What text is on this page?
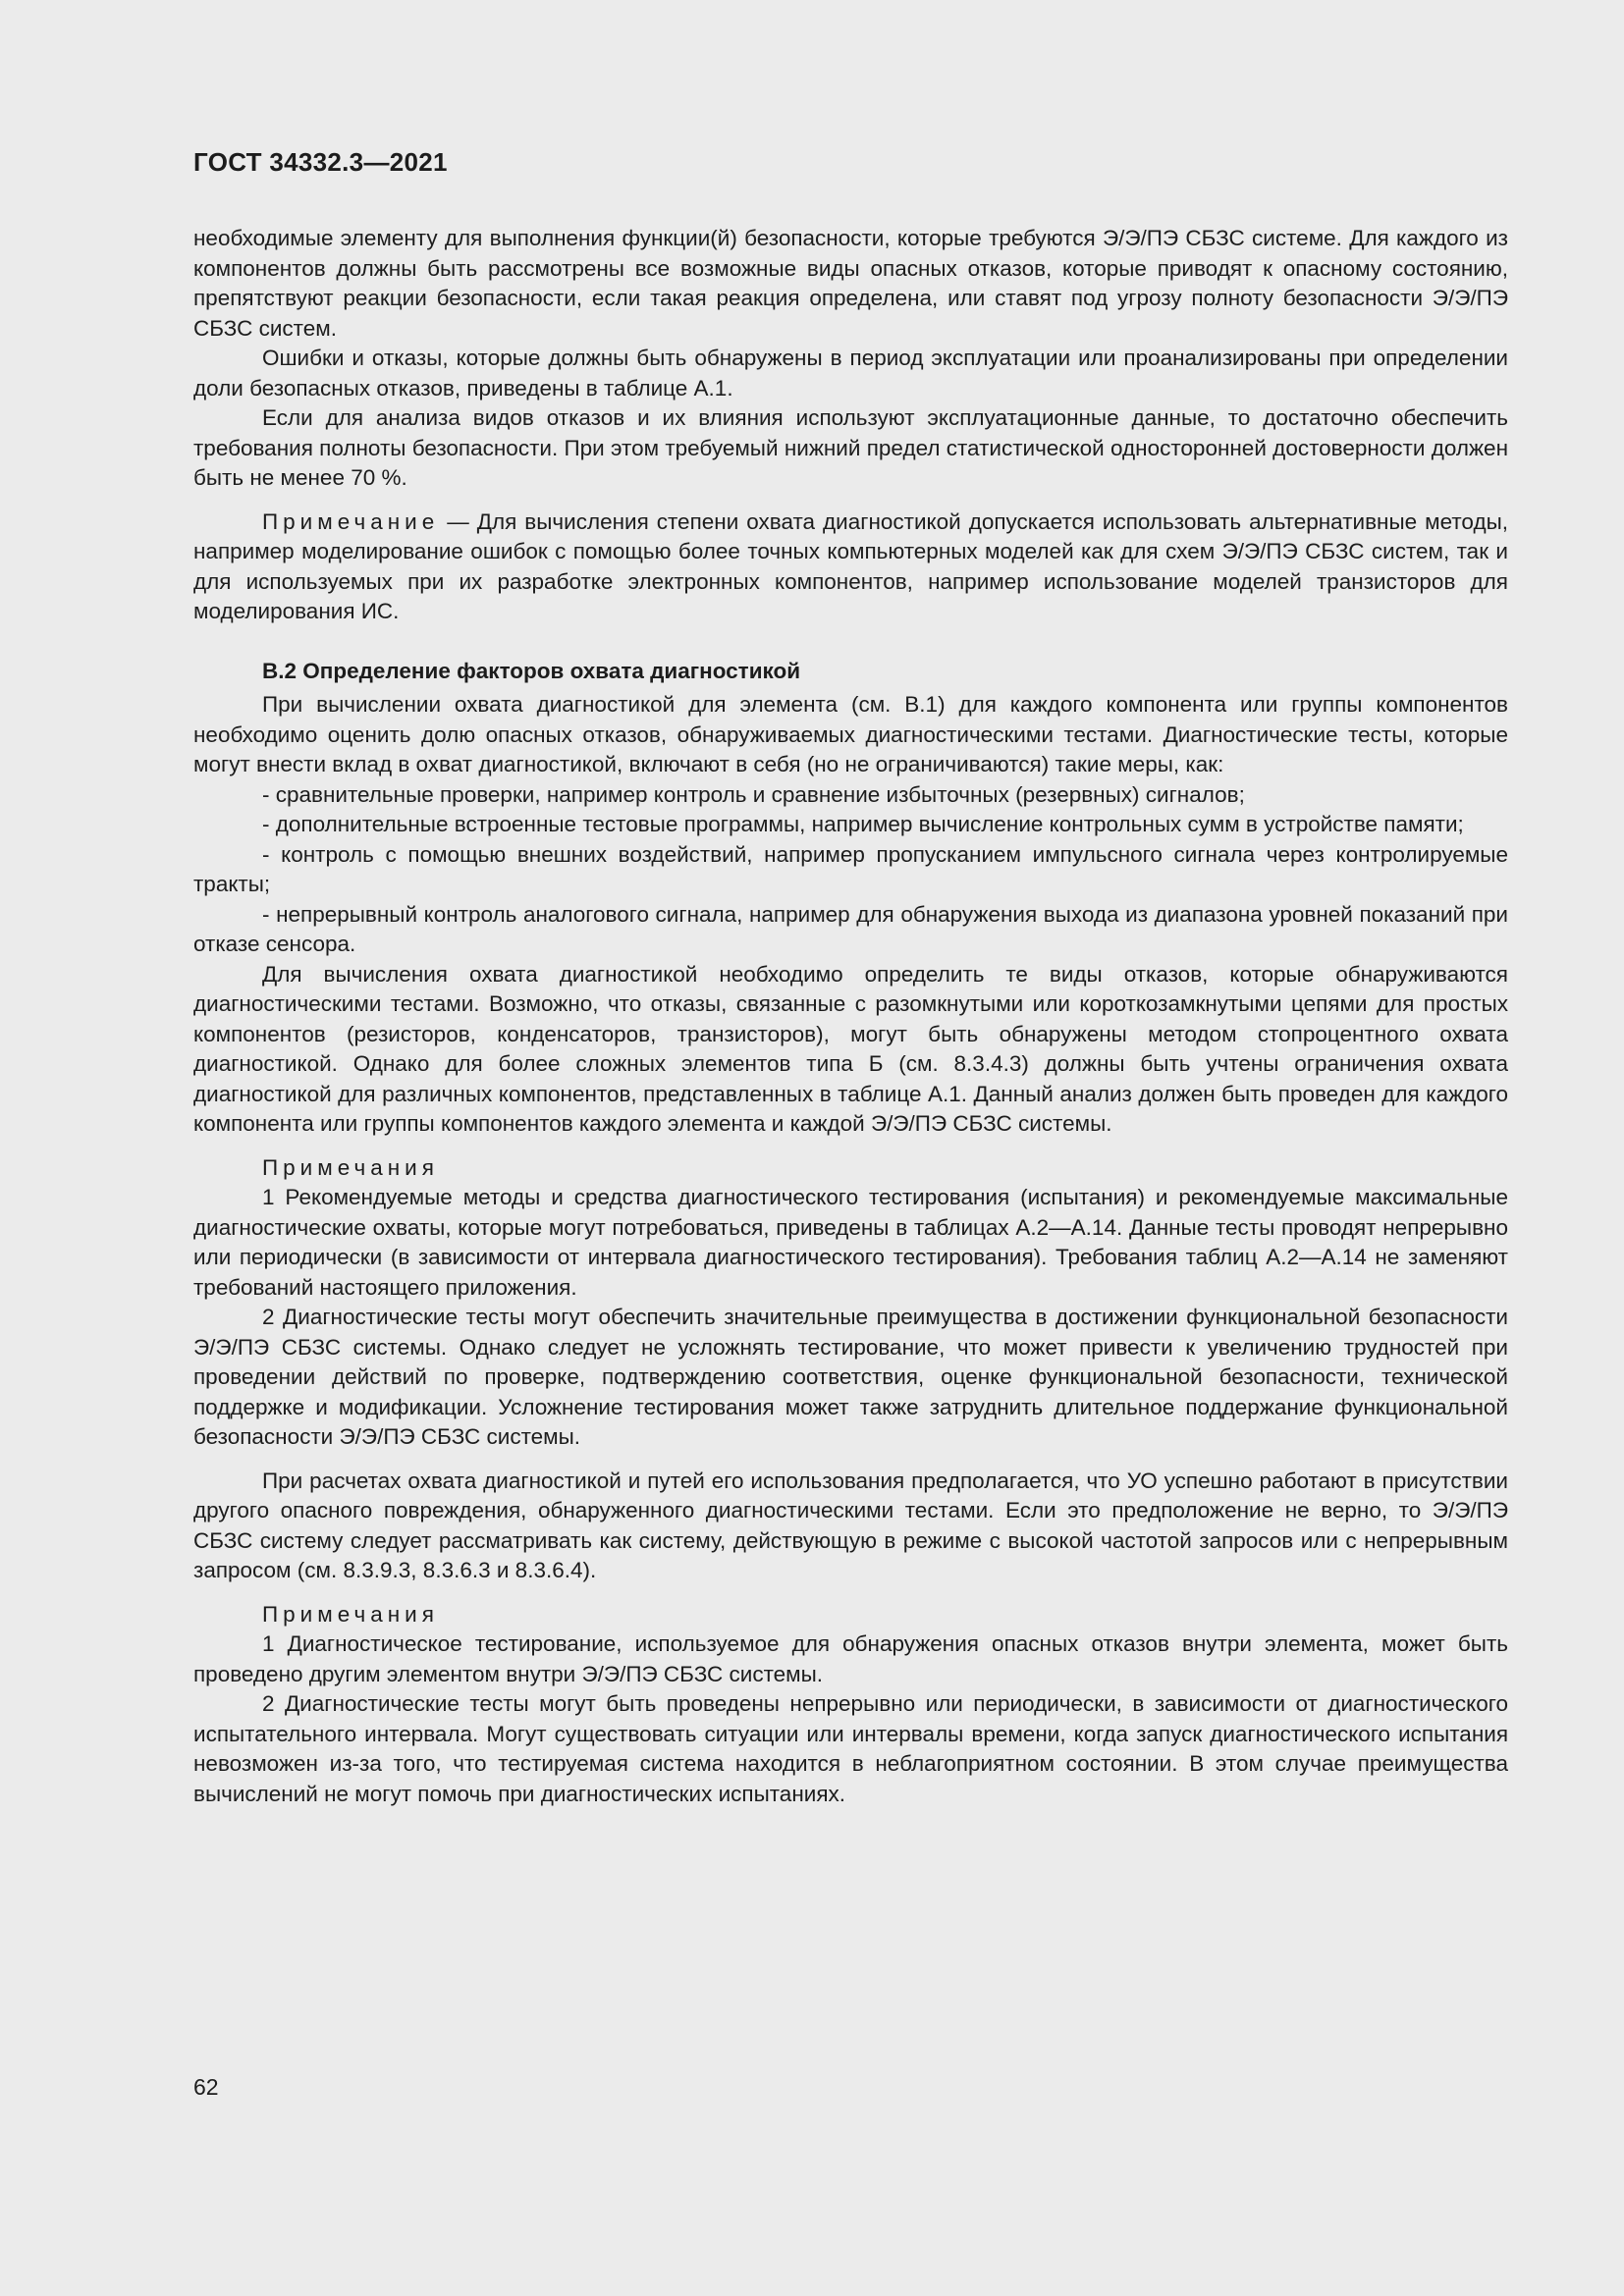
ГОСТ 34332.3—2021

необходимые элементу для выполнения функции(й) безопасности, которые требуются Э/Э/ПЭ СБЗС системе. Для каждого из компонентов должны быть рассмотрены все возможные виды опасных отказов, которые приводят к опасному состоянию, препятствуют реакции безопасности, если такая реакция определена, или ставят под угрозу полноту безопасности Э/Э/ПЭ СБЗС систем.

Ошибки и отказы, которые должны быть обнаружены в период эксплуатации или проанализированы при определении доли безопасных отказов, приведены в таблице А.1.

Если для анализа видов отказов и их влияния используют эксплуатационные данные, то достаточно обеспечить требования полноты безопасности. При этом требуемый нижний предел статистической односторонней достоверности должен быть не менее 70 %.

Примечание — Для вычисления степени охвата диагностикой допускается использовать альтернативные методы, например моделирование ошибок с помощью более точных компьютерных моделей как для схем Э/Э/ПЭ СБЗС систем, так и для используемых при их разработке электронных компонентов, например использование моделей транзисторов для моделирования ИС.

B.2 Определение факторов охвата диагностикой

При вычислении охвата диагностикой для элемента (см. B.1) для каждого компонента или группы компонентов необходимо оценить долю опасных отказов, обнаруживаемых диагностическими тестами. Диагностические тесты, которые могут внести вклад в охват диагностикой, включают в себя (но не ограничиваются) такие меры, как:

- сравнительные проверки, например контроль и сравнение избыточных (резервных) сигналов;

- дополнительные встроенные тестовые программы, например вычисление контрольных сумм в устройстве памяти;

- контроль с помощью внешних воздействий, например пропусканием импульсного сигнала через контролируемые тракты;

- непрерывный контроль аналогового сигнала, например для обнаружения выхода из диапазона уровней показаний при отказе сенсора.

Для вычисления охвата диагностикой необходимо определить те виды отказов, которые обнаруживаются диагностическими тестами. Возможно, что отказы, связанные с разомкнутыми или короткозамкнутыми цепями для простых компонентов (резисторов, конденсаторов, транзисторов), могут быть обнаружены методом стопроцентного охвата диагностикой. Однако для более сложных элементов типа Б (см. 8.3.4.3) должны быть учтены ограничения охвата диагностикой для различных компонентов, представленных в таблице А.1. Данный анализ должен быть проведен для каждого компонента или группы компонентов каждого элемента и каждой Э/Э/ПЭ СБЗС системы.

Примечания

1 Рекомендуемые методы и средства диагностического тестирования (испытания) и рекомендуемые максимальные диагностические охваты, которые могут потребоваться, приведены в таблицах А.2—А.14. Данные тесты проводят непрерывно или периодически (в зависимости от интервала диагностического тестирования). Требования таблиц А.2—А.14 не заменяют требований настоящего приложения.

2 Диагностические тесты могут обеспечить значительные преимущества в достижении функциональной безопасности Э/Э/ПЭ СБЗС системы. Однако следует не усложнять тестирование, что может привести к увеличению трудностей при проведении действий по проверке, подтверждению соответствия, оценке функциональной безопасности, технической поддержке и модификации. Усложнение тестирования может также затруднить длительное поддержание функциональной безопасности Э/Э/ПЭ СБЗС системы.

При расчетах охвата диагностикой и путей его использования предполагается, что УО успешно работают в присутствии другого опасного повреждения, обнаруженного диагностическими тестами. Если это предположение не верно, то Э/Э/ПЭ СБЗС систему следует рассматривать как систему, действующую в режиме с высокой частотой запросов или с непрерывным запросом (см. 8.3.9.3, 8.3.6.3 и 8.3.6.4).

Примечания

1 Диагностическое тестирование, используемое для обнаружения опасных отказов внутри элемента, может быть проведено другим элементом внутри Э/Э/ПЭ СБЗС системы.

2 Диагностические тесты могут быть проведены непрерывно или периодически, в зависимости от диагностического испытательного интервала. Могут существовать ситуации или интервалы времени, когда запуск диагностического испытания невозможен из-за того, что тестируемая система находится в неблагоприятном состоянии. В этом случае преимущества вычислений не могут помочь при диагностических испытаниях.

62
